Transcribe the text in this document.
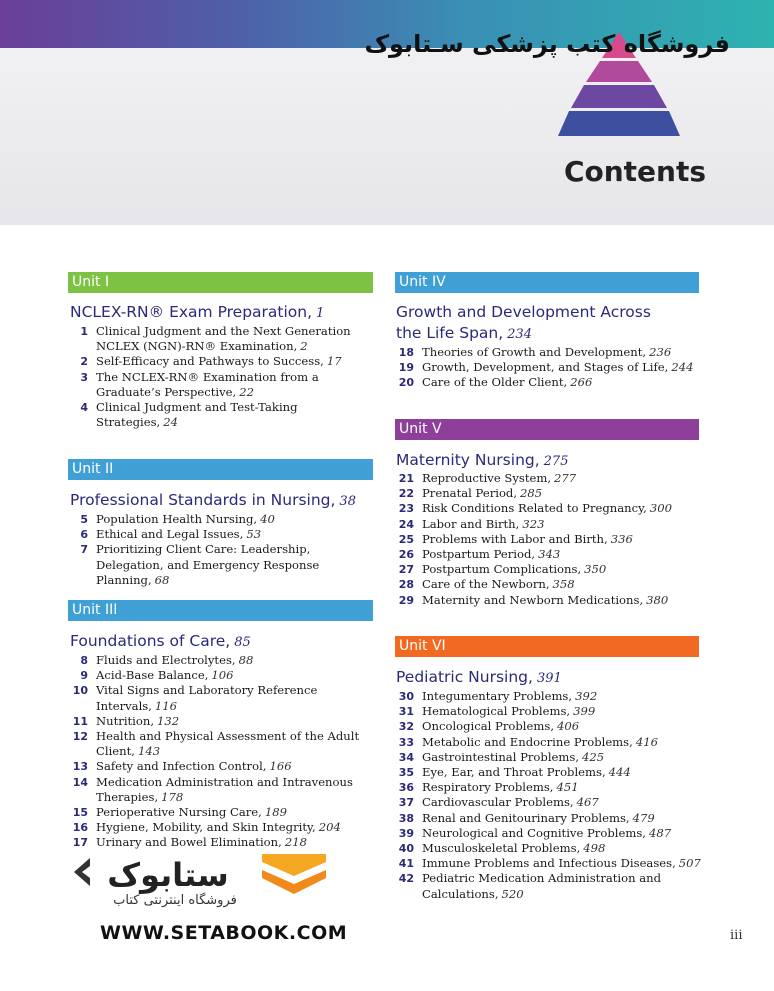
فروشگاه کتب پزشکی سـتابوک
Contents
Unit I
NCLEX-RN® Exam Preparation, 1
1 Clinical Judgment and the Next Generation NCLEX (NGN)-RN® Examination, 2
2 Self-Efficacy and Pathways to Success, 17
3 The NCLEX-RN® Examination from a Graduate’s Perspective, 22
4 Clinical Judgment and Test-Taking Strategies, 24
Unit II
Professional Standards in Nursing, 38
5 Population Health Nursing, 40
6 Ethical and Legal Issues, 53
7 Prioritizing Client Care: Leadership, Delegation, and Emergency Response Planning, 68
Unit III
Foundations of Care, 85
8 Fluids and Electrolytes, 88
9 Acid-Base Balance, 106
10 Vital Signs and Laboratory Reference Intervals, 116
11 Nutrition, 132
12 Health and Physical Assessment of the Adult Client, 143
13 Safety and Infection Control, 166
14 Medication Administration and Intravenous Therapies, 178
15 Perioperative Nursing Care, 189
16 Hygiene, Mobility, and Skin Integrity, 204
17 Urinary and Bowel Elimination, 218
Unit IV
Growth and Development Across the Life Span, 234
18 Theories of Growth and Development, 236
19 Growth, Development, and Stages of Life, 244
20 Care of the Older Client, 266
Unit V
Maternity Nursing, 275
21 Reproductive System, 277
22 Prenatal Period, 285
23 Risk Conditions Related to Pregnancy, 300
24 Labor and Birth, 323
25 Problems with Labor and Birth, 336
26 Postpartum Period, 343
27 Postpartum Complications, 350
28 Care of the Newborn, 358
29 Maternity and Newborn Medications, 380
Unit VI
Pediatric Nursing, 391
30 Integumentary Problems, 392
31 Hematological Problems, 399
32 Oncological Problems, 406
33 Metabolic and Endocrine Problems, 416
34 Gastrointestinal Problems, 425
35 Eye, Ear, and Throat Problems, 444
36 Respiratory Problems, 451
37 Cardiovascular Problems, 467
38 Renal and Genitourinary Problems, 479
39 Neurological and Cognitive Problems, 487
40 Musculoskeletal Problems, 498
41 Immune Problems and Infectious Diseases, 507
42 Pediatric Medication Administration and Calculations, 520
ستابوک
فروشگاه اینترنتی کتاب
WWW.SETABOOK.COM	iii
